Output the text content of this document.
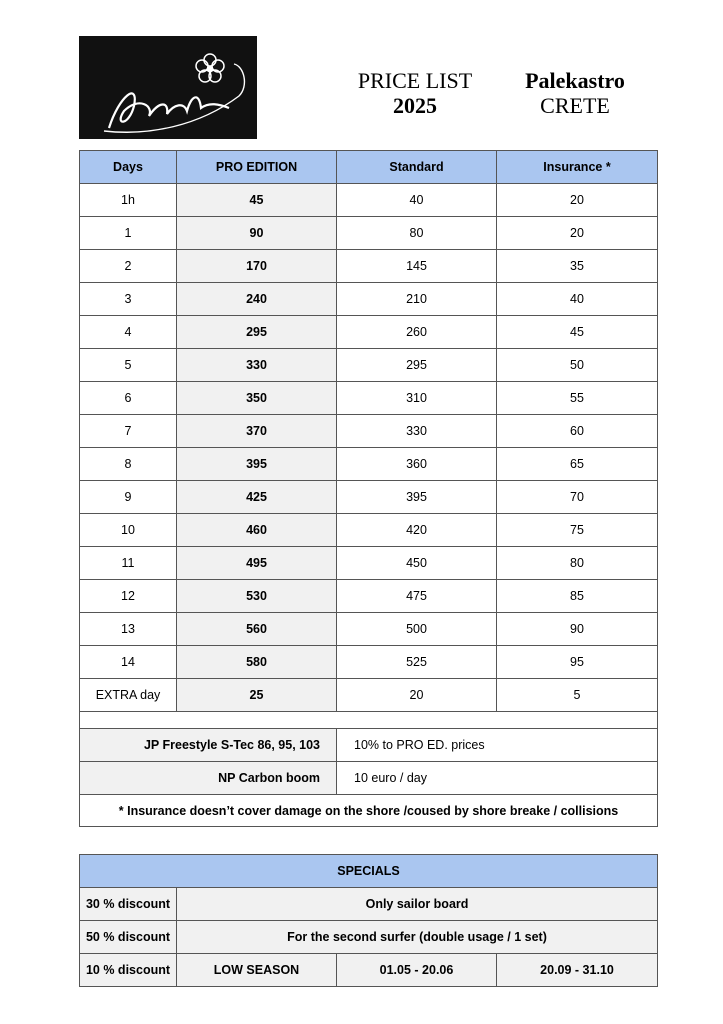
PRICE LIST
2025
Palekastro
CRETE
Days	PRO EDITION	Standard	Insurance *
1h	45	40	20
1	90	80	20
2	170	145	35
3	240	210	40
4	295	260	45
5	330	295	50
6	350	310	55
7	370	330	60
8	395	360	65
9	425	395	70
10	460	420	75
11	495	450	80
12	530	475	85
13	560	500	90
14	580	525	95
EXTRA day	25	20	5

JP Freestyle S-Tec 86, 95, 103		10% to PRO ED. prices	
NP Carbon boom		10 euro / day	
* Insurance doesn’t cover damage on the shore /coused by shore breake / collisions			
SPECIALS			
30 % discount	Only sailor board		
50 % discount	For the second surfer (double usage / 1 set)		
10 % discount	LOW SEASON	01.05 - 20.06	20.09 - 31.10
